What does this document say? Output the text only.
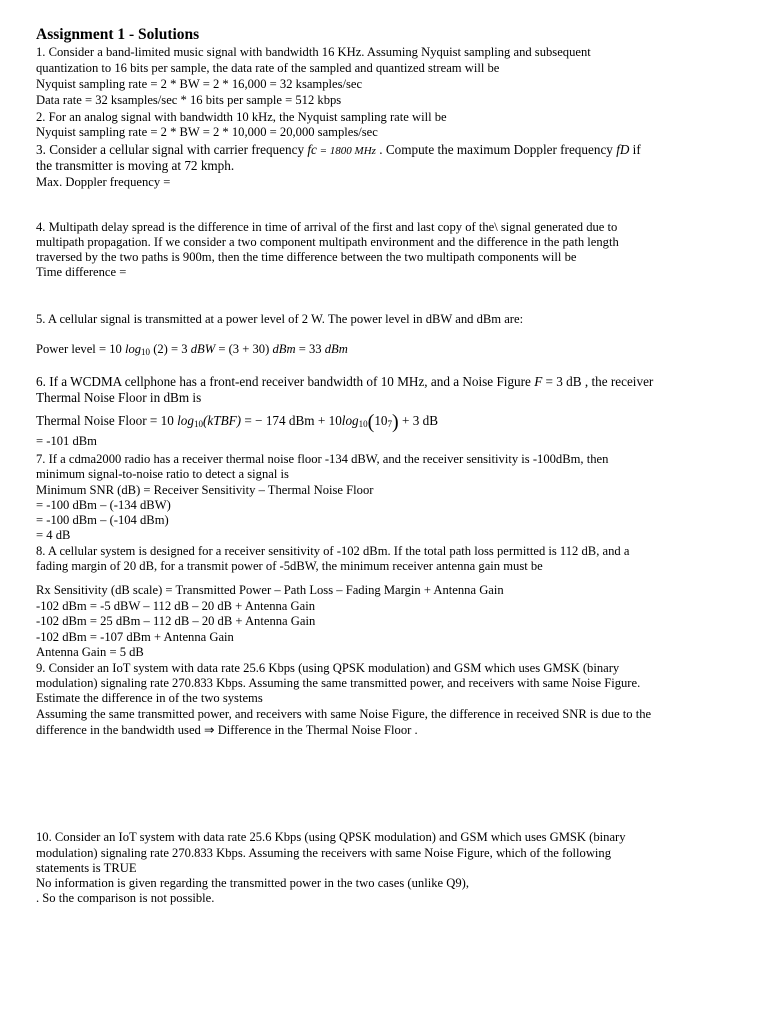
Assignment 1 - Solutions
1. Consider a band-limited music signal with bandwidth 16 KHz. Assuming Nyquist sampling and subsequent
quantization to 16 bits per sample, the data rate of the sampled and quantized stream will be
Nyquist sampling rate = 2 * BW = 2 * 16,000 = 32 ksamples/sec
Data rate = 32 ksamples/sec * 16 bits per sample = 512 kbps
2. For an analog signal with bandwidth 10 kHz, the Nyquist sampling rate will be
Nyquist sampling rate = 2 * BW = 2 * 10,000 = 20,000 samples/sec
3. Consider a cellular signal with carrier frequency fc = 1800 MHz . Compute the maximum Doppler frequency fD if
the transmitter is moving at 72 kmph.
Max. Doppler frequency =
4. Multipath delay spread is the difference in time of arrival of the first and last copy of the\ signal generated due to
multipath propagation. If we consider a two component multipath environment and the difference in the path length
traversed by the two paths is 900m, then the time difference between the two multipath components will be
Time difference =
5. A cellular signal is transmitted at a power level of 2 W. The power level in dBW and dBm are:
Power level = 10 $\log_{10} (2) = 3$ dBW = (3 + 30) dBm = 33 dBm
6. If a WCDMA cellphone has a front-end receiver bandwidth of 10 MHz, and a Noise Figure F = 3 dB , the receiver
Thermal Noise Floor in dBm is
Thermal Noise Floor = 10 $\log_{10}(kTBF)$ = − 174 dBm + $10\log_{10}(10_7) + 3$ dB
= -101 dBm
7. If a cdma2000 radio has a receiver thermal noise floor -134 dBW, and the receiver sensitivity is -100dBm, then
minimum signal-to-noise ratio to detect a signal is
Minimum SNR (dB) = Receiver Sensitivity – Thermal Noise Floor
= -100 dBm – (-134 dBW)
= -100 dBm – (-104 dBm)
= 4 dB
8. A cellular system is designed for a receiver sensitivity of -102 dBm. If the total path loss permitted is 112 dB, and a
fading margin of 20 dB, for a transmit power of -5dBW, the minimum receiver antenna gain must be
Rx Sensitivity (dB scale) = Transmitted Power – Path Loss – Fading Margin + Antenna Gain
-102 dBm = -5 dBW – 112 dB – 20 dB + Antenna Gain
-102 dBm = 25 dBm – 112 dB – 20 dB + Antenna Gain
-102 dBm = -107 dBm + Antenna Gain
Antenna Gain = 5 dB
9. Consider an IoT system with data rate 25.6 Kbps (using QPSK modulation) and GSM which uses GMSK (binary
modulation) signaling rate 270.833 Kbps. Assuming the same transmitted power, and receivers with same Noise Figure.
Estimate the difference in of the two systems
Assuming the same transmitted power, and receivers with same Noise Figure, the difference in received SNR is due to the
difference in the bandwidth used ⇒ Difference in the Thermal Noise Floor .
10. Consider an IoT system with data rate 25.6 Kbps (using QPSK modulation) and GSM which uses GMSK (binary
modulation) signaling rate 270.833 Kbps. Assuming the receivers with same Noise Figure, which of the following
statements is TRUE
No information is given regarding the transmitted power in the two cases (unlike Q9),
. So the comparison is not possible.
